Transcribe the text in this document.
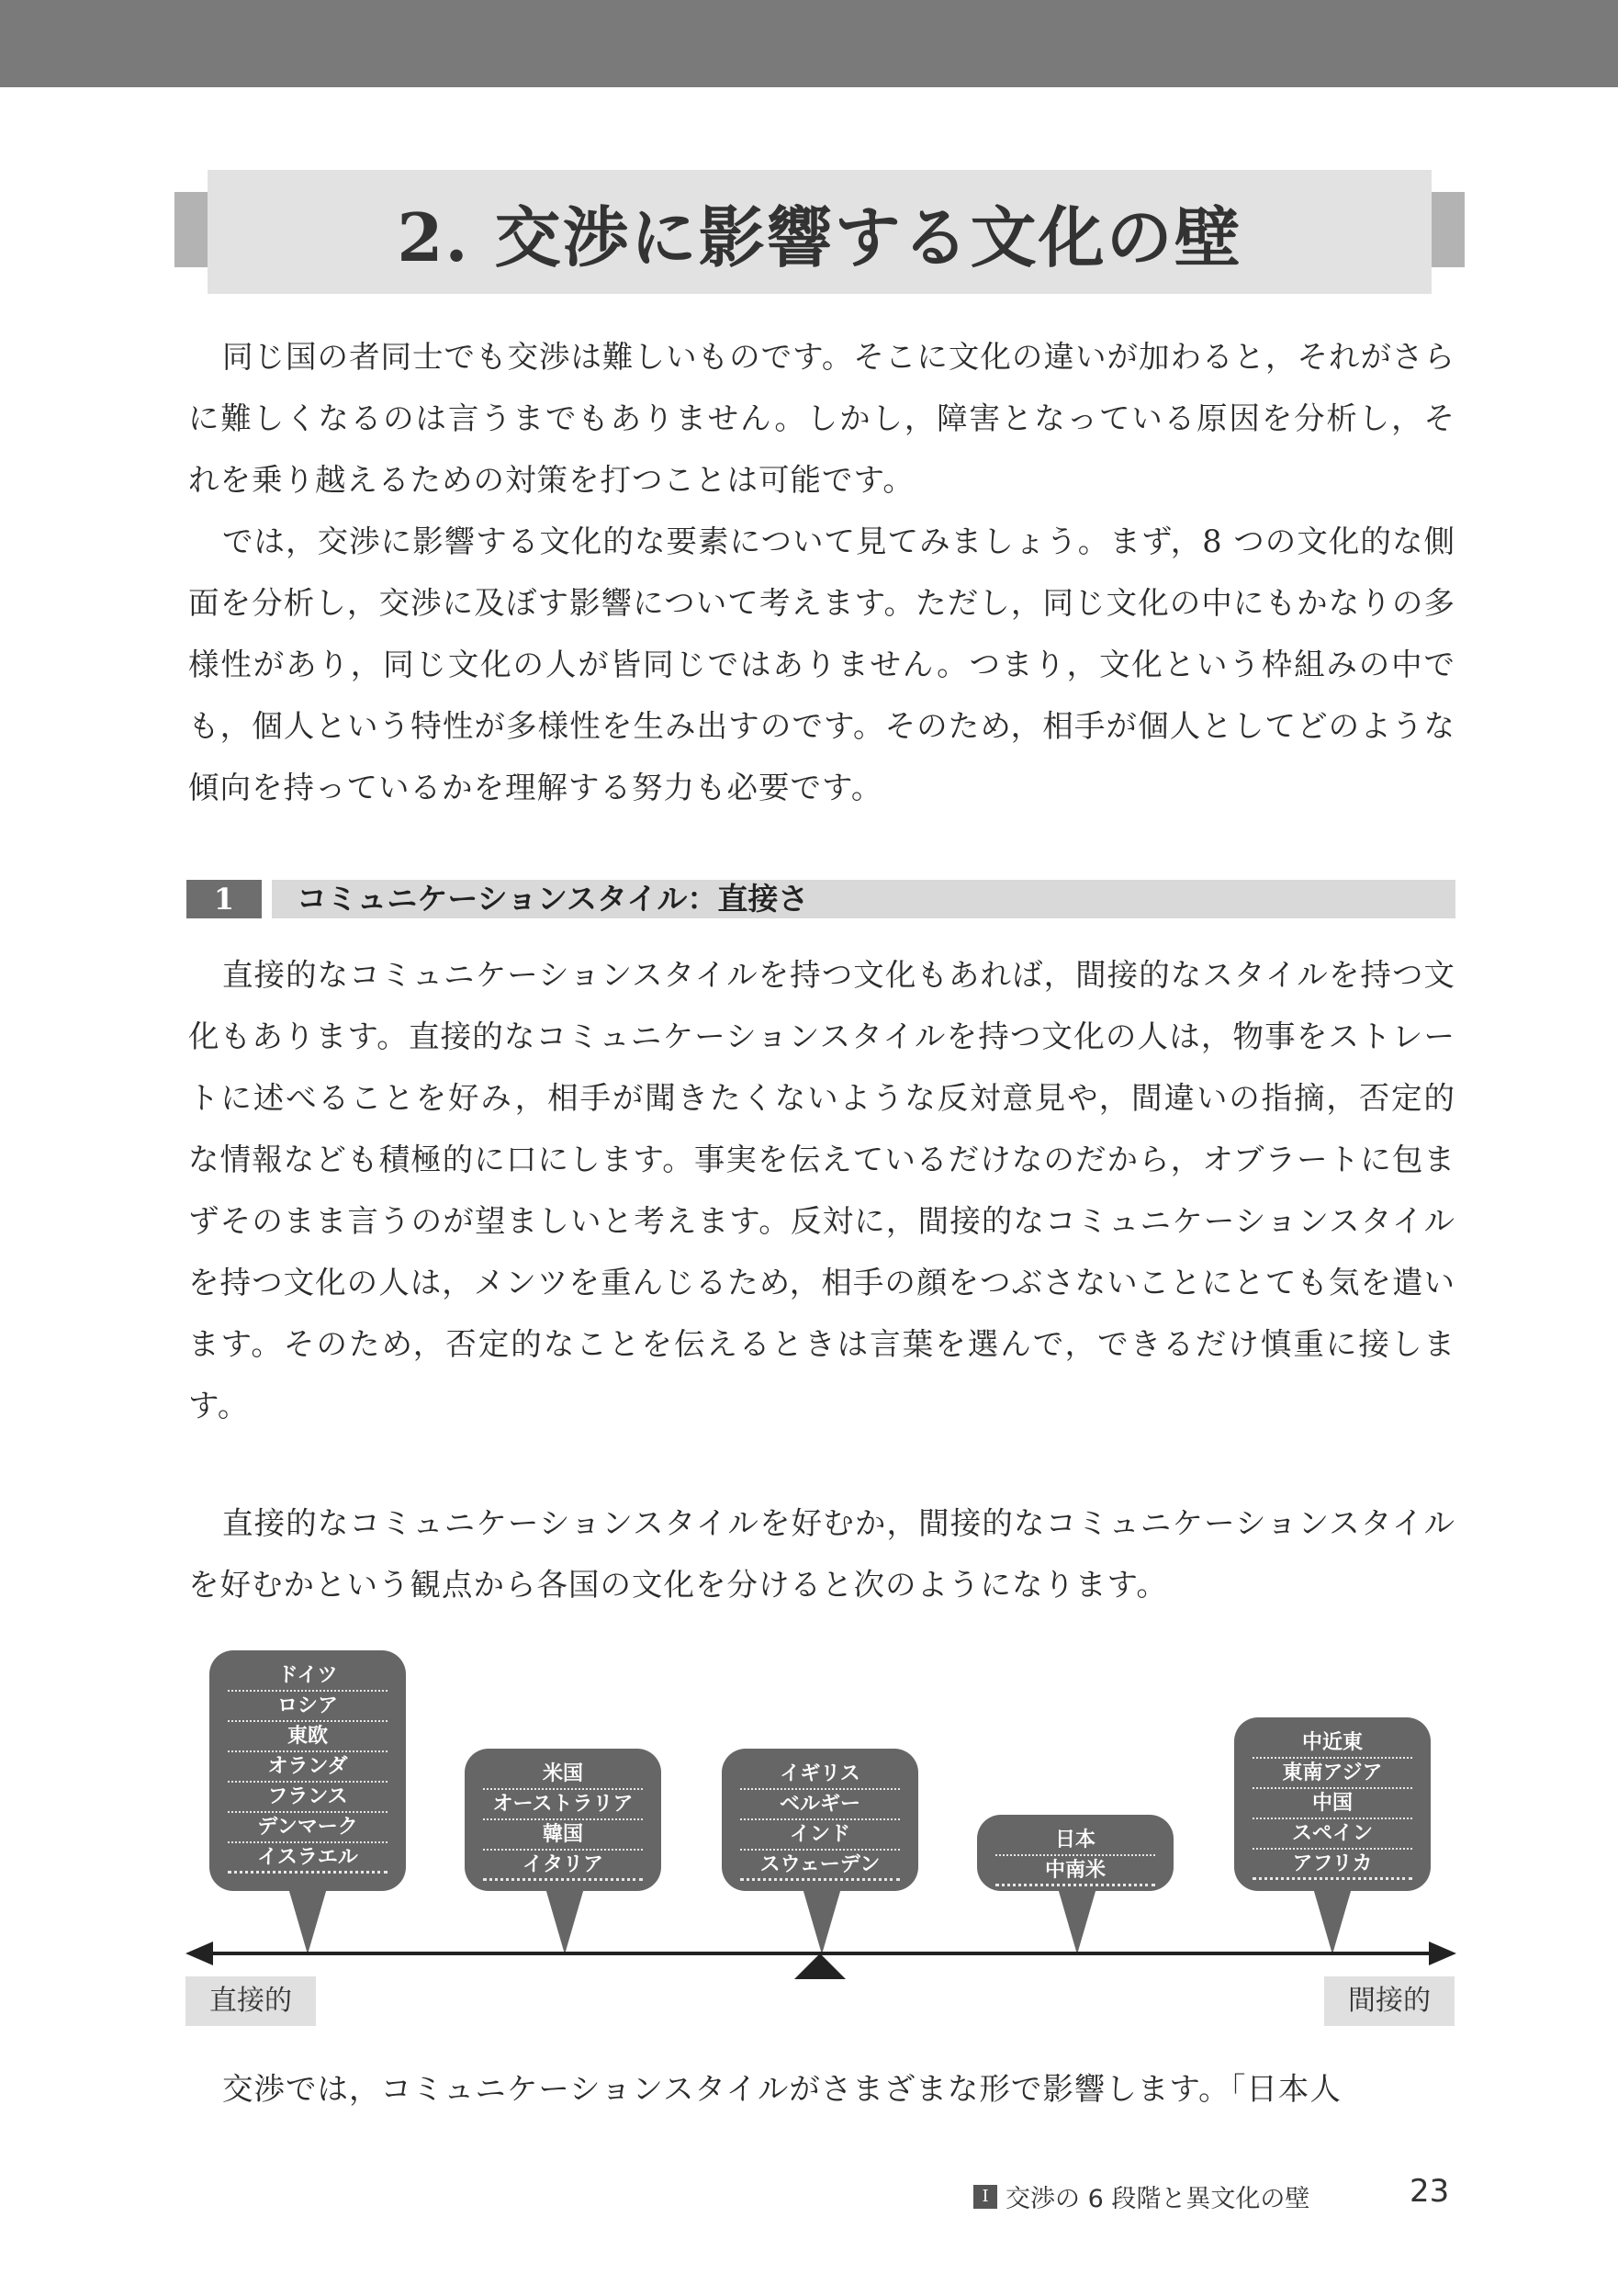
2. 交渉に影響する文化の壁

同じ国の者同士でも交渉は難しいものです。そこに文化の違いが加わると，それがさらに難しくなるのは言うまでもありません。しかし，障害となっている原因を分析し，それを乗り越えるための対策を打つことは可能です。

では，交渉に影響する文化的な要素について見てみましょう。まず，8 つの文化的な側面を分析し，交渉に及ぼす影響について考えます。ただし，同じ文化の中にもかなりの多様性があり，同じ文化の人が皆同じではありません。つまり，文化という枠組みの中でも，個人という特性が多様性を生み出すのです。そのため，相手が個人としてどのような傾向を持っているかを理解する努力も必要です。

1	コミュニケーションスタイル：直接さ

直接的なコミュニケーションスタイルを持つ文化もあれば，間接的なスタイルを持つ文化もあります。直接的なコミュニケーションスタイルを持つ文化の人は，物事をストレートに述べることを好み，相手が聞きたくないような反対意見や，間違いの指摘，否定的な情報なども積極的に口にします。事実を伝えているだけなのだから，オブラートに包まずそのまま言うのが望ましいと考えます。反対に，間接的なコミュニケーションスタイルを持つ文化の人は，メンツを重んじるため，相手の顔をつぶさないことにとても気を遣います。そのため，否定的なことを伝えるときは言葉を選んで，できるだけ慎重に接します。

直接的なコミュニケーションスタイルを好むか，間接的なコミュニケーションスタイルを好むかという観点から各国の文化を分けると次のようになります。

ドイツ
ロシア
東欧
オランダ
フランス
デンマーク
イスラエル
米国
オーストラリア
韓国
イタリア
イギリス
ベルギー
インド
スウェーデン
日本
中南米
中近東
東南アジア
中国
スペイン
アフリカ
直接的	間接的

交渉では，コミュニケーションスタイルがさまざまな形で影響します。「日本人

I 交渉の 6 段階と異文化の壁	23
